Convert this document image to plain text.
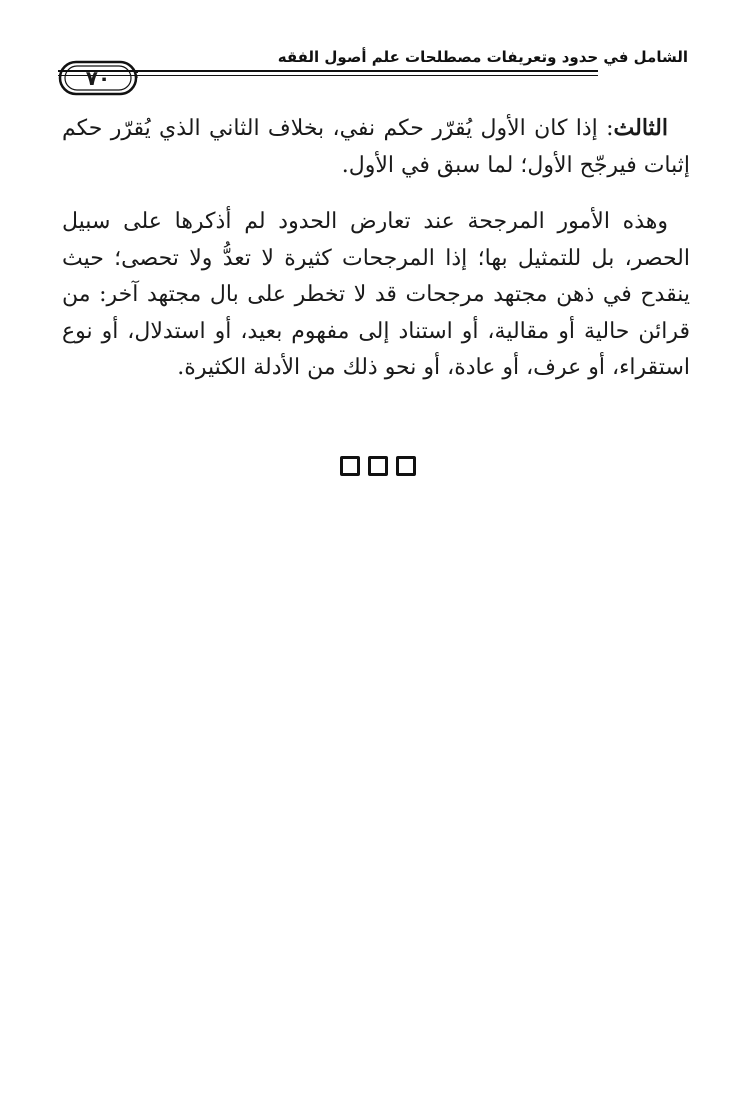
الشامل في حدود وتعريفات مصطلحات علم أصول الفقه
٧٠

الثالث: إذا كان الأول يُقرّر حكم نفي، بخلاف الثاني الذي يُقرّر حكم إثبات فيرجّح الأول؛ لما سبق في الأول.

وهذه الأمور المرجحة عند تعارض الحدود لم أذكرها على سبيل الحصر، بل للتمثيل بها؛ إذا المرجحات كثيرة لا تعدُّ ولا تحصى؛ حيث ينقدح في ذهن مجتهد مرجحات قد لا تخطر على بال مجتهد آخر: من قرائن حالية أو مقالية، أو استناد إلى مفهوم بعيد، أو استدلال، أو نوع استقراء، أو عرف، أو عادة، أو نحو ذلك من الأدلة الكثيرة.
